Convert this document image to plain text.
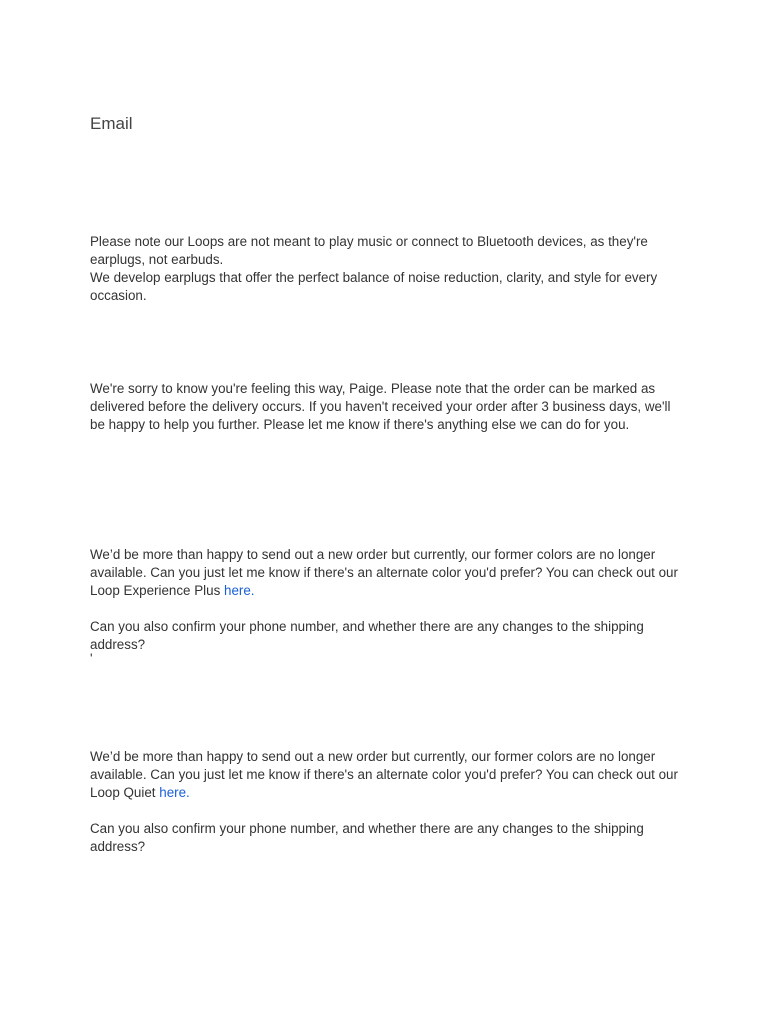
Email

Please note our Loops are not meant to play music or connect to Bluetooth devices, as they're earplugs, not earbuds.

We develop earplugs that offer the perfect balance of noise reduction, clarity, and style for every occasion.

We're sorry to know you're feeling this way, Paige. Please note that the order can be marked as delivered before the delivery occurs. If you haven't received your order after 3 business days, we'll be happy to help you further. Please let me know if there's anything else we can do for you.

We’d be more than happy to send out a new order but currently, our former colors are no longer available. Can you just let me know if there's an alternate color you'd prefer? You can check out our Loop Experience Plus here.

Can you also confirm your phone number, and whether there are any changes to the shipping address?

'

We’d be more than happy to send out a new order but currently, our former colors are no longer available. Can you just let me know if there's an alternate color you'd prefer? You can check out our Loop Quiet here.

Can you also confirm your phone number, and whether there are any changes to the shipping address?
